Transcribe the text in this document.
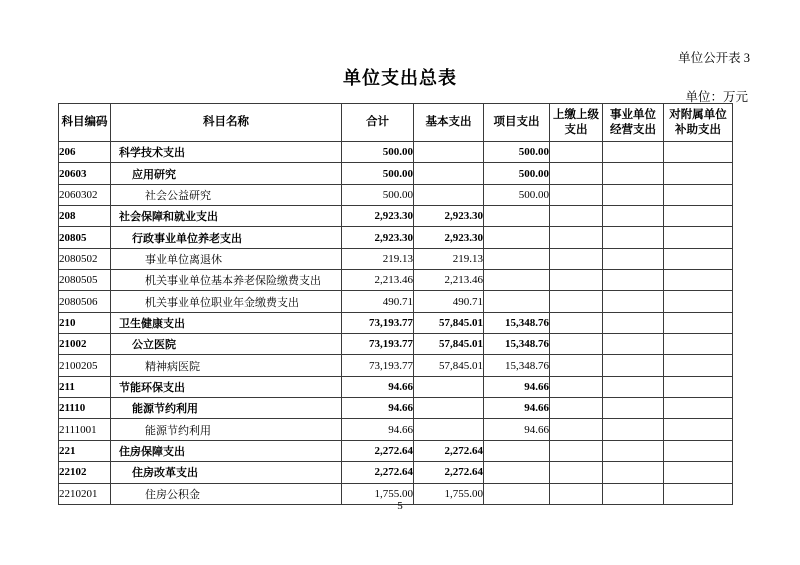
单位公开表 3
单位支出总表
单位：万元
科目编码	科目名称	合计	基本支出	项目支出	上缴上级支出	事业单位经营支出	对附属单位补助支出
206	科学技术支出	500.00		500.00			
20603	应用研究	500.00		500.00			
2060302	社会公益研究	500.00		500.00			
208	社会保障和就业支出	2,923.30	2,923.30				
20805	行政事业单位养老支出	2,923.30	2,923.30				
2080502	事业单位离退休	219.13	219.13				
2080505	机关事业单位基本养老保险缴费支出	2,213.46	2,213.46				
2080506	机关事业单位职业年金缴费支出	490.71	490.71				
210	卫生健康支出	73,193.77	57,845.01	15,348.76			
21002	公立医院	73,193.77	57,845.01	15,348.76			
2100205	精神病医院	73,193.77	57,845.01	15,348.76			
211	节能环保支出	94.66		94.66			
21110	能源节约利用	94.66		94.66			
2111001	能源节约利用	94.66		94.66			
221	住房保障支出	2,272.64	2,272.64				
22102	住房改革支出	2,272.64	2,272.64				
2210201	住房公积金	1,755.00	1,755.00				
5
